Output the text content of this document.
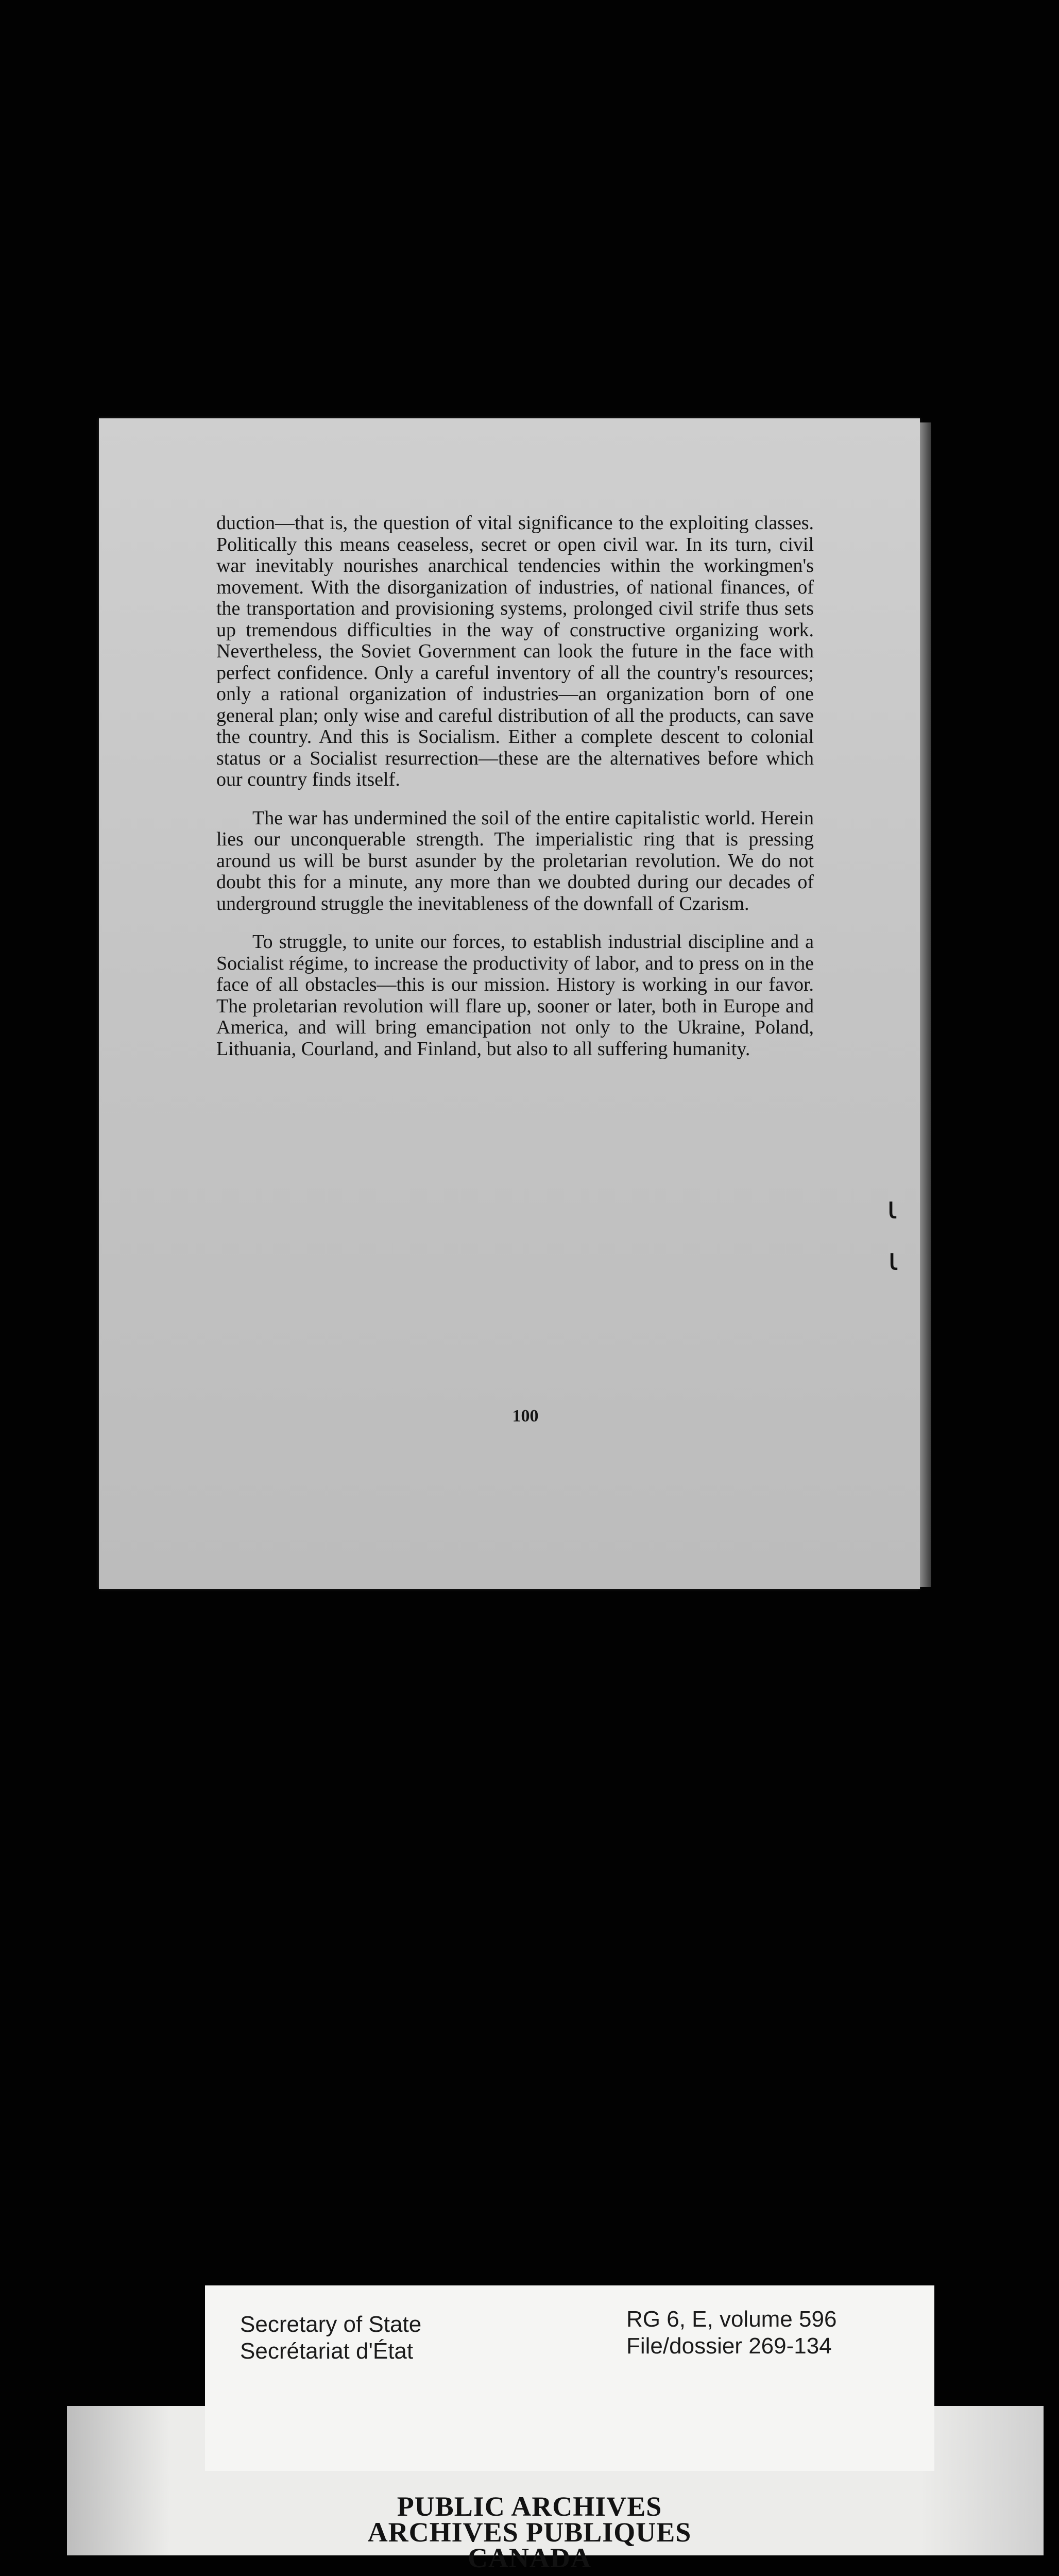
duction—that is, the question of vital significance to the exploiting classes. Politically this means ceaseless, secret or open civil war. In its turn, civil war inevitably nourishes anarchical tendencies within the workingmen's movement. With the disorganization of industries, of national finances, of the transportation and provisioning systems, prolonged civil strife thus sets up tremendous difficulties in the way of constructive organizing work. Nevertheless, the Soviet Government can look the future in the face with perfect confidence. Only a careful inventory of all the country's resources; only a rational organization of industries—an organization born of one general plan; only wise and careful distribution of all the products, can save the country. And this is Socialism. Either a complete descent to colonial status or a Socialist resurrection—these are the alternatives before which our country finds itself.

The war has undermined the soil of the entire capitalistic world. Herein lies our unconquerable strength. The imperialistic ring that is pressing around us will be burst asunder by the proletarian revolution. We do not doubt this for a minute, any more than we doubted during our decades of underground struggle the inevitableness of the downfall of Czarism.

To struggle, to unite our forces, to establish industrial discipline and a Socialist régime, to increase the productivity of labor, and to press on in the face of all obstacles—this is our mission. History is working in our favor. The proletarian revolution will flare up, sooner or later, both in Europe and America, and will bring emancipation not only to the Ukraine, Poland, Lithuania, Courland, and Finland, but also to all suffering humanity.

100
ɩ
ɩ
Secretary of State
Secrétariat d'État
RG 6, E, volume 596
File/dossier 269-134
PUBLIC ARCHIVES
ARCHIVES PUBLIQUES
CANADA
